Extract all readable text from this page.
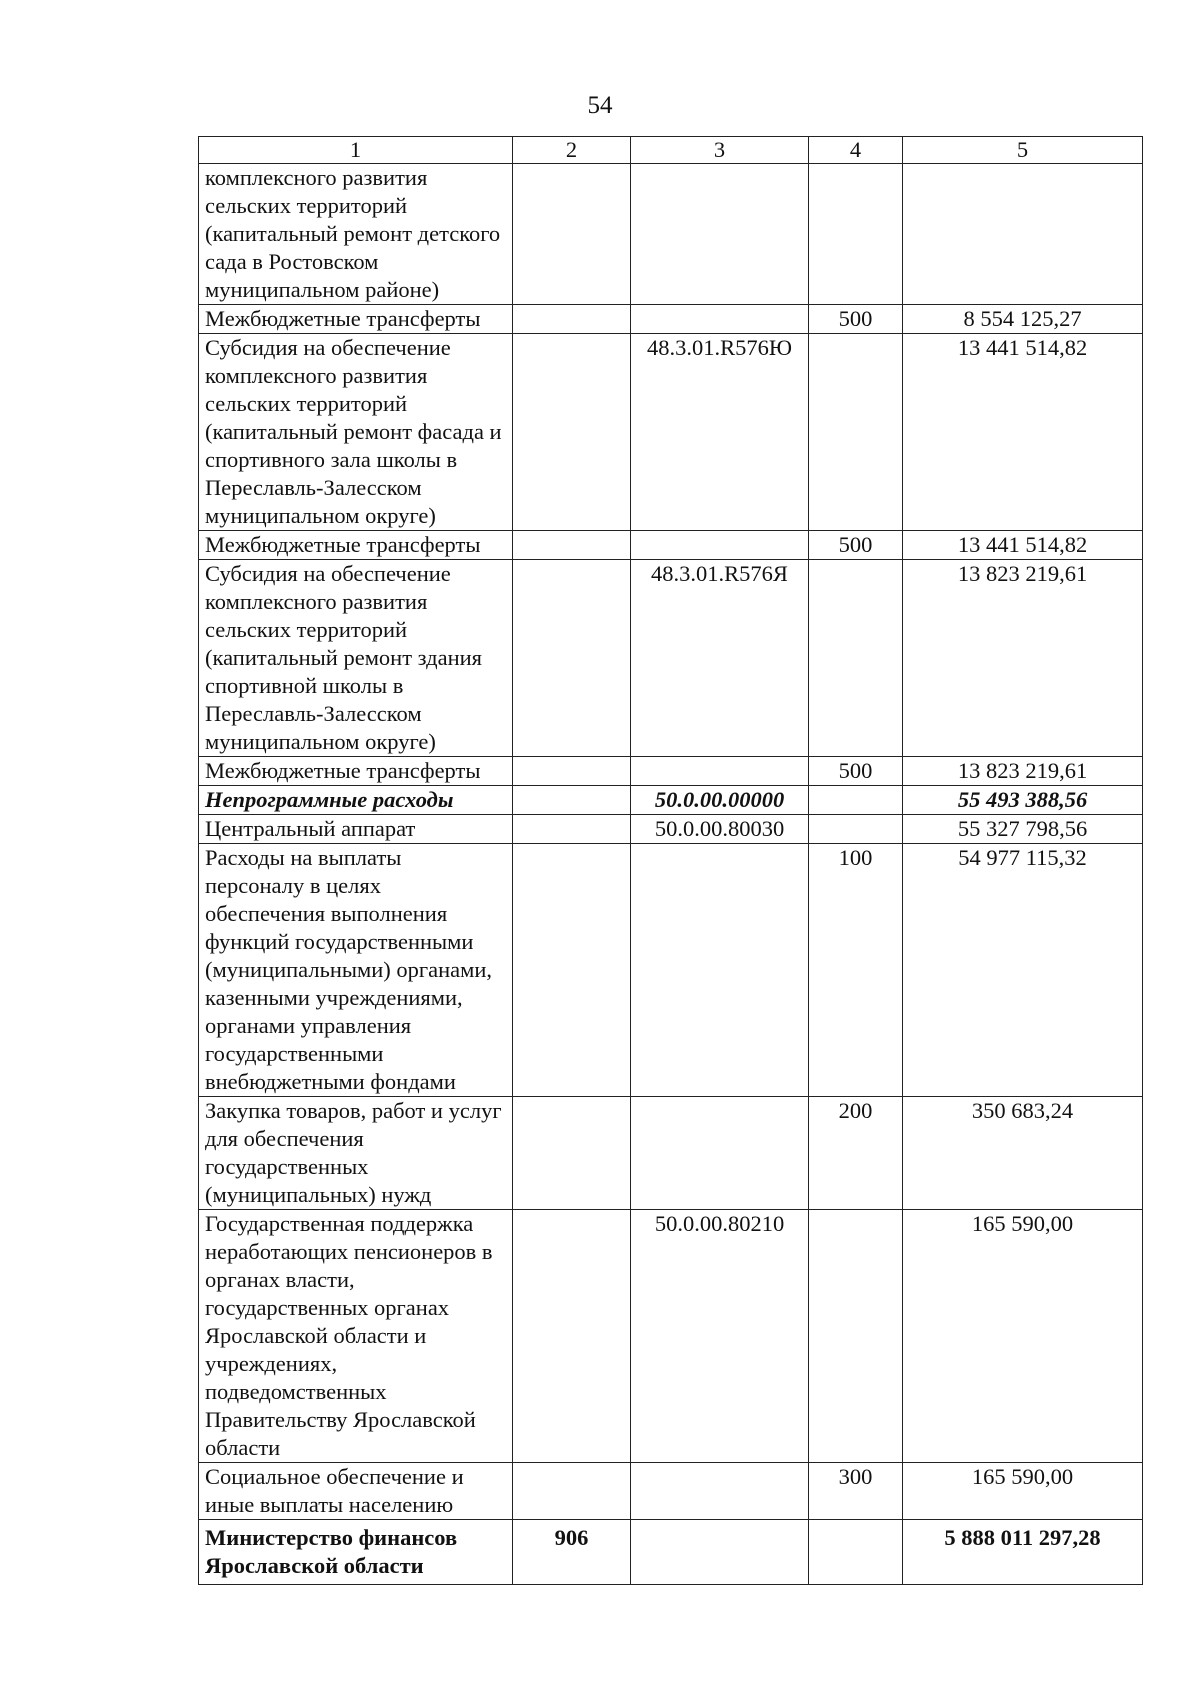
54
1	2	3	4	5
комплексного развития сельских территорий (капитальный ремонт детского сада в Ростовском муниципальном районе)				
Межбюджетные трансферты			500	8 554 125,27
Субсидия на обеспечение комплексного развития сельских территорий (капитальный ремонт фасада и спортивного зала школы в Переславль-Залесском муниципальном округе)		48.3.01.R576Ю		13 441 514,82
Межбюджетные трансферты			500	13 441 514,82
Субсидия на обеспечение комплексного развития сельских территорий (капитальный ремонт здания спортивной школы в Переславль-Залесском муниципальном округе)		48.3.01.R576Я		13 823 219,61
Межбюджетные трансферты			500	13 823 219,61
Непрограммные расходы		50.0.00.00000		55 493 388,56
Центральный аппарат		50.0.00.80030		55 327 798,56
Расходы на выплаты персоналу в целях обеспечения выполнения функций государственными (муниципальными) органами, казенными учреждениями, органами управления государственными внебюджетными фондами			100	54 977 115,32
Закупка товаров, работ и услуг для обеспечения государственных (муниципальных) нужд			200	350 683,24
Государственная поддержка неработающих пенсионеров в органах власти, государственных органах Ярославской области и учреждениях, подведомственных Правительству Ярославской области		50.0.00.80210		165 590,00
Социальное обеспечение и иные выплаты населению			300	165 590,00
Министерство финансов Ярославской области	906			5 888 011 297,28
